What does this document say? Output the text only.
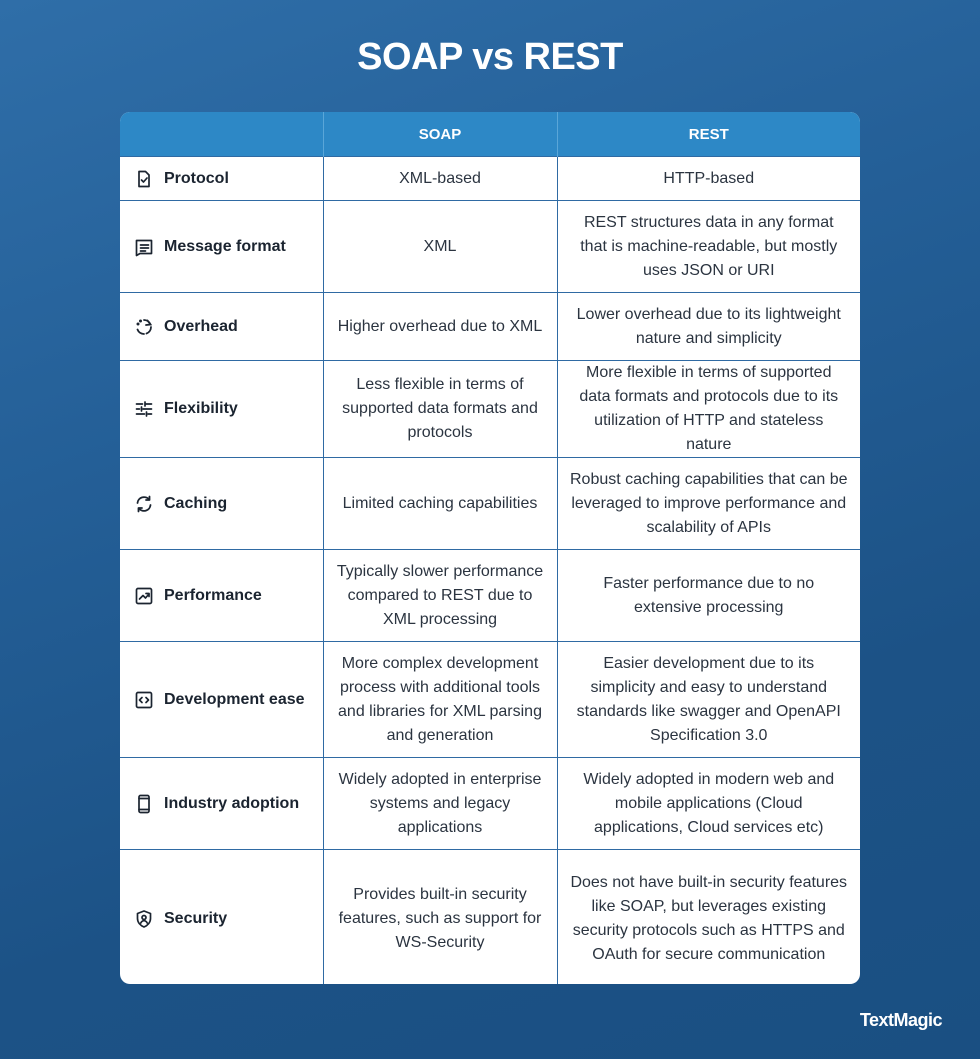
SOAP vs REST
	SOAP	REST

Protocol	XML-based	HTTP-based

Message format	XML	REST structures data in any format that is machine-readable, but mostly uses JSON or URI

Overhead	Higher overhead due to XML	Lower overhead due to its lightweight nature and simplicity

Flexibility	Less flexible in terms of supported data formats and protocols	More flexible in terms of supported data formats and protocols due to its utilization of HTTP and stateless nature

Caching	Limited caching capabilities	Robust caching capabilities that can be leveraged to improve performance and scalability of APIs

Performance	Typically slower performance compared to REST due to XML processing	Faster performance due to no extensive processing

Development ease	More complex development process with additional tools and libraries for XML parsing and generation	Easier development due to its simplicity and easy to understand standards like swagger and OpenAPI Specification 3.0

Industry adoption	Widely adopted in enterprise systems and legacy applications	Widely adopted in modern web and mobile applications (Cloud applications, Cloud services etc)

Security	Provides built-in security features, such as support for WS-Security	Does not have built-in security features like SOAP, but leverages existing security protocols such as HTTPS and OAuth for secure communication
TextMagic
